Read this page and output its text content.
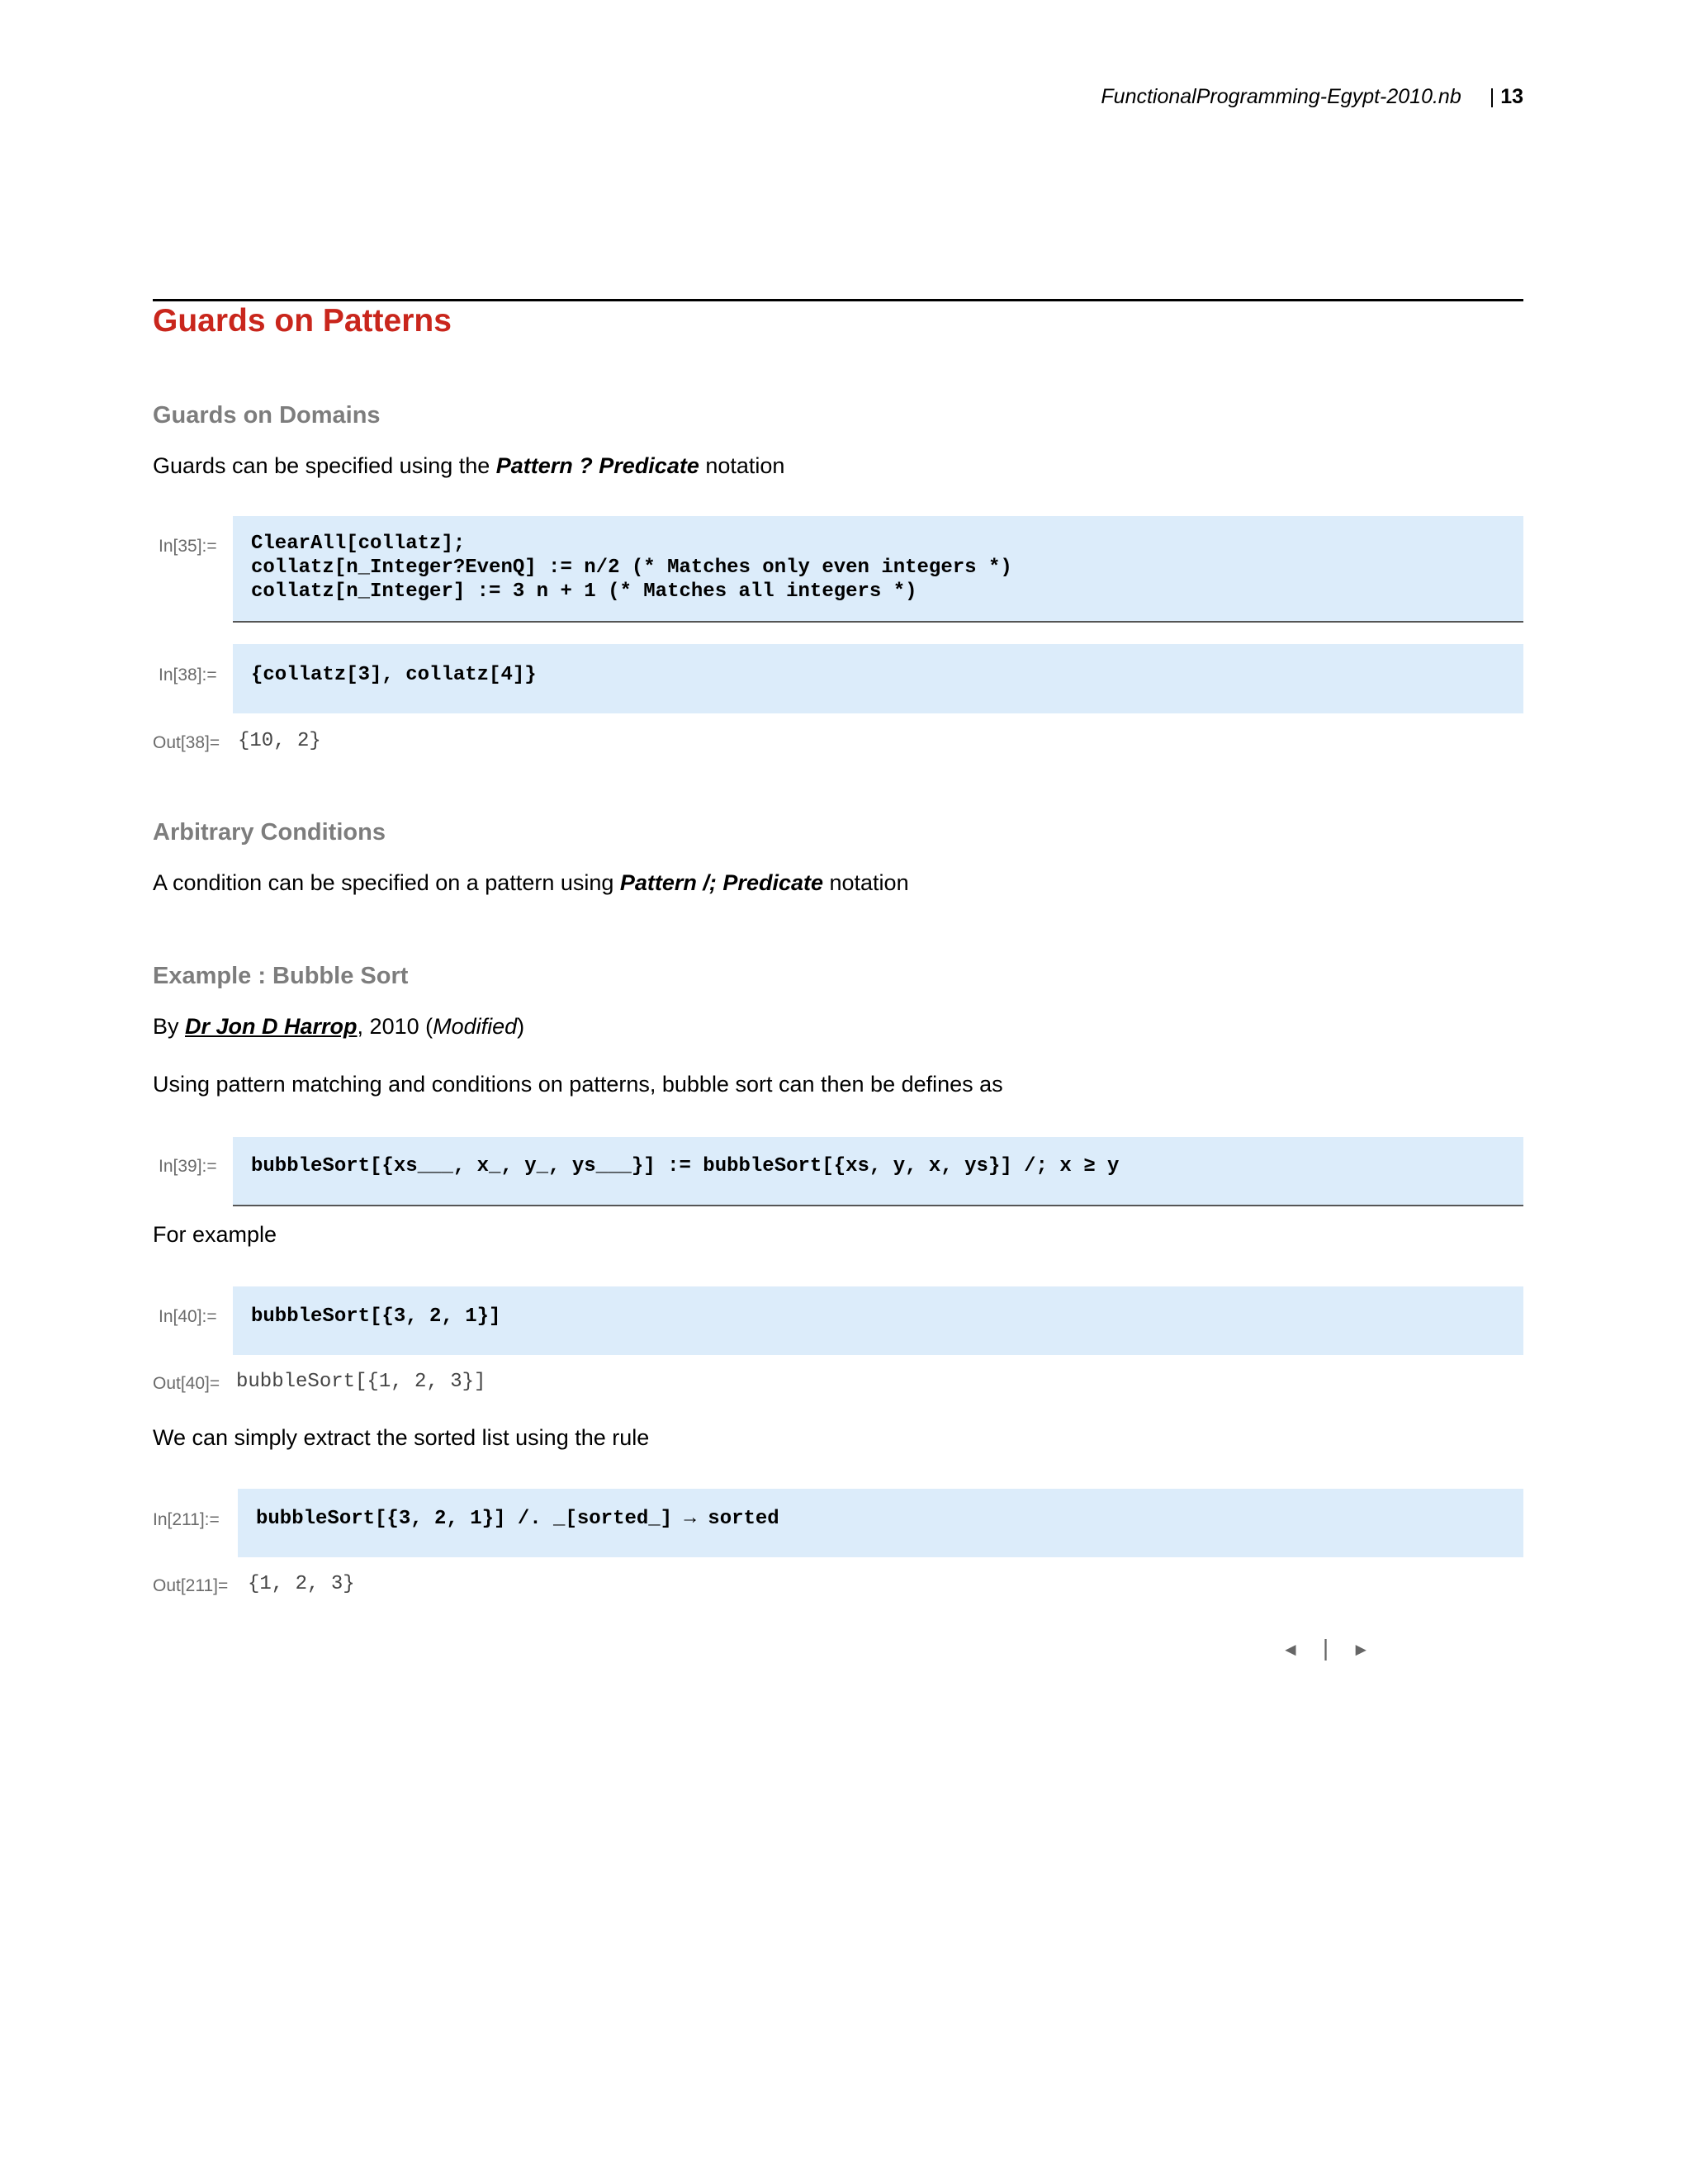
FunctionalProgramming-Egypt-2010.nb | 13
Guards on Patterns
Guards on Domains
Guards can be specified using the Pattern ? Predicate notation
In[35]:= ClearAll[collatz];
collatz[n_Integer?EvenQ] := n/2 (* Matches only even integers *)
collatz[n_Integer] := 3 n + 1 (* Matches all integers *)
In[38]:= {collatz[3], collatz[4]}
Out[38]= {10, 2}
Arbitrary Conditions
A condition can be specified on a pattern using Pattern /; Predicate notation
Example : Bubble Sort
By Dr Jon D Harrop, 2010 (Modified)
Using pattern matching and conditions on patterns, bubble sort can then be defines as
In[39]:= bubbleSort[{xs___, x_, y_, ys___}] := bubbleSort[{xs, y, x, ys}] /; x ≥ y
For example
In[40]:= bubbleSort[{3, 2, 1}]
Out[40]= bubbleSort[{1, 2, 3}]
We can simply extract the sorted list using the rule
In[211]:= bubbleSort[{3, 2, 1}] /. _[sorted_] → sorted
Out[211]= {1, 2, 3}
◄ | ►
